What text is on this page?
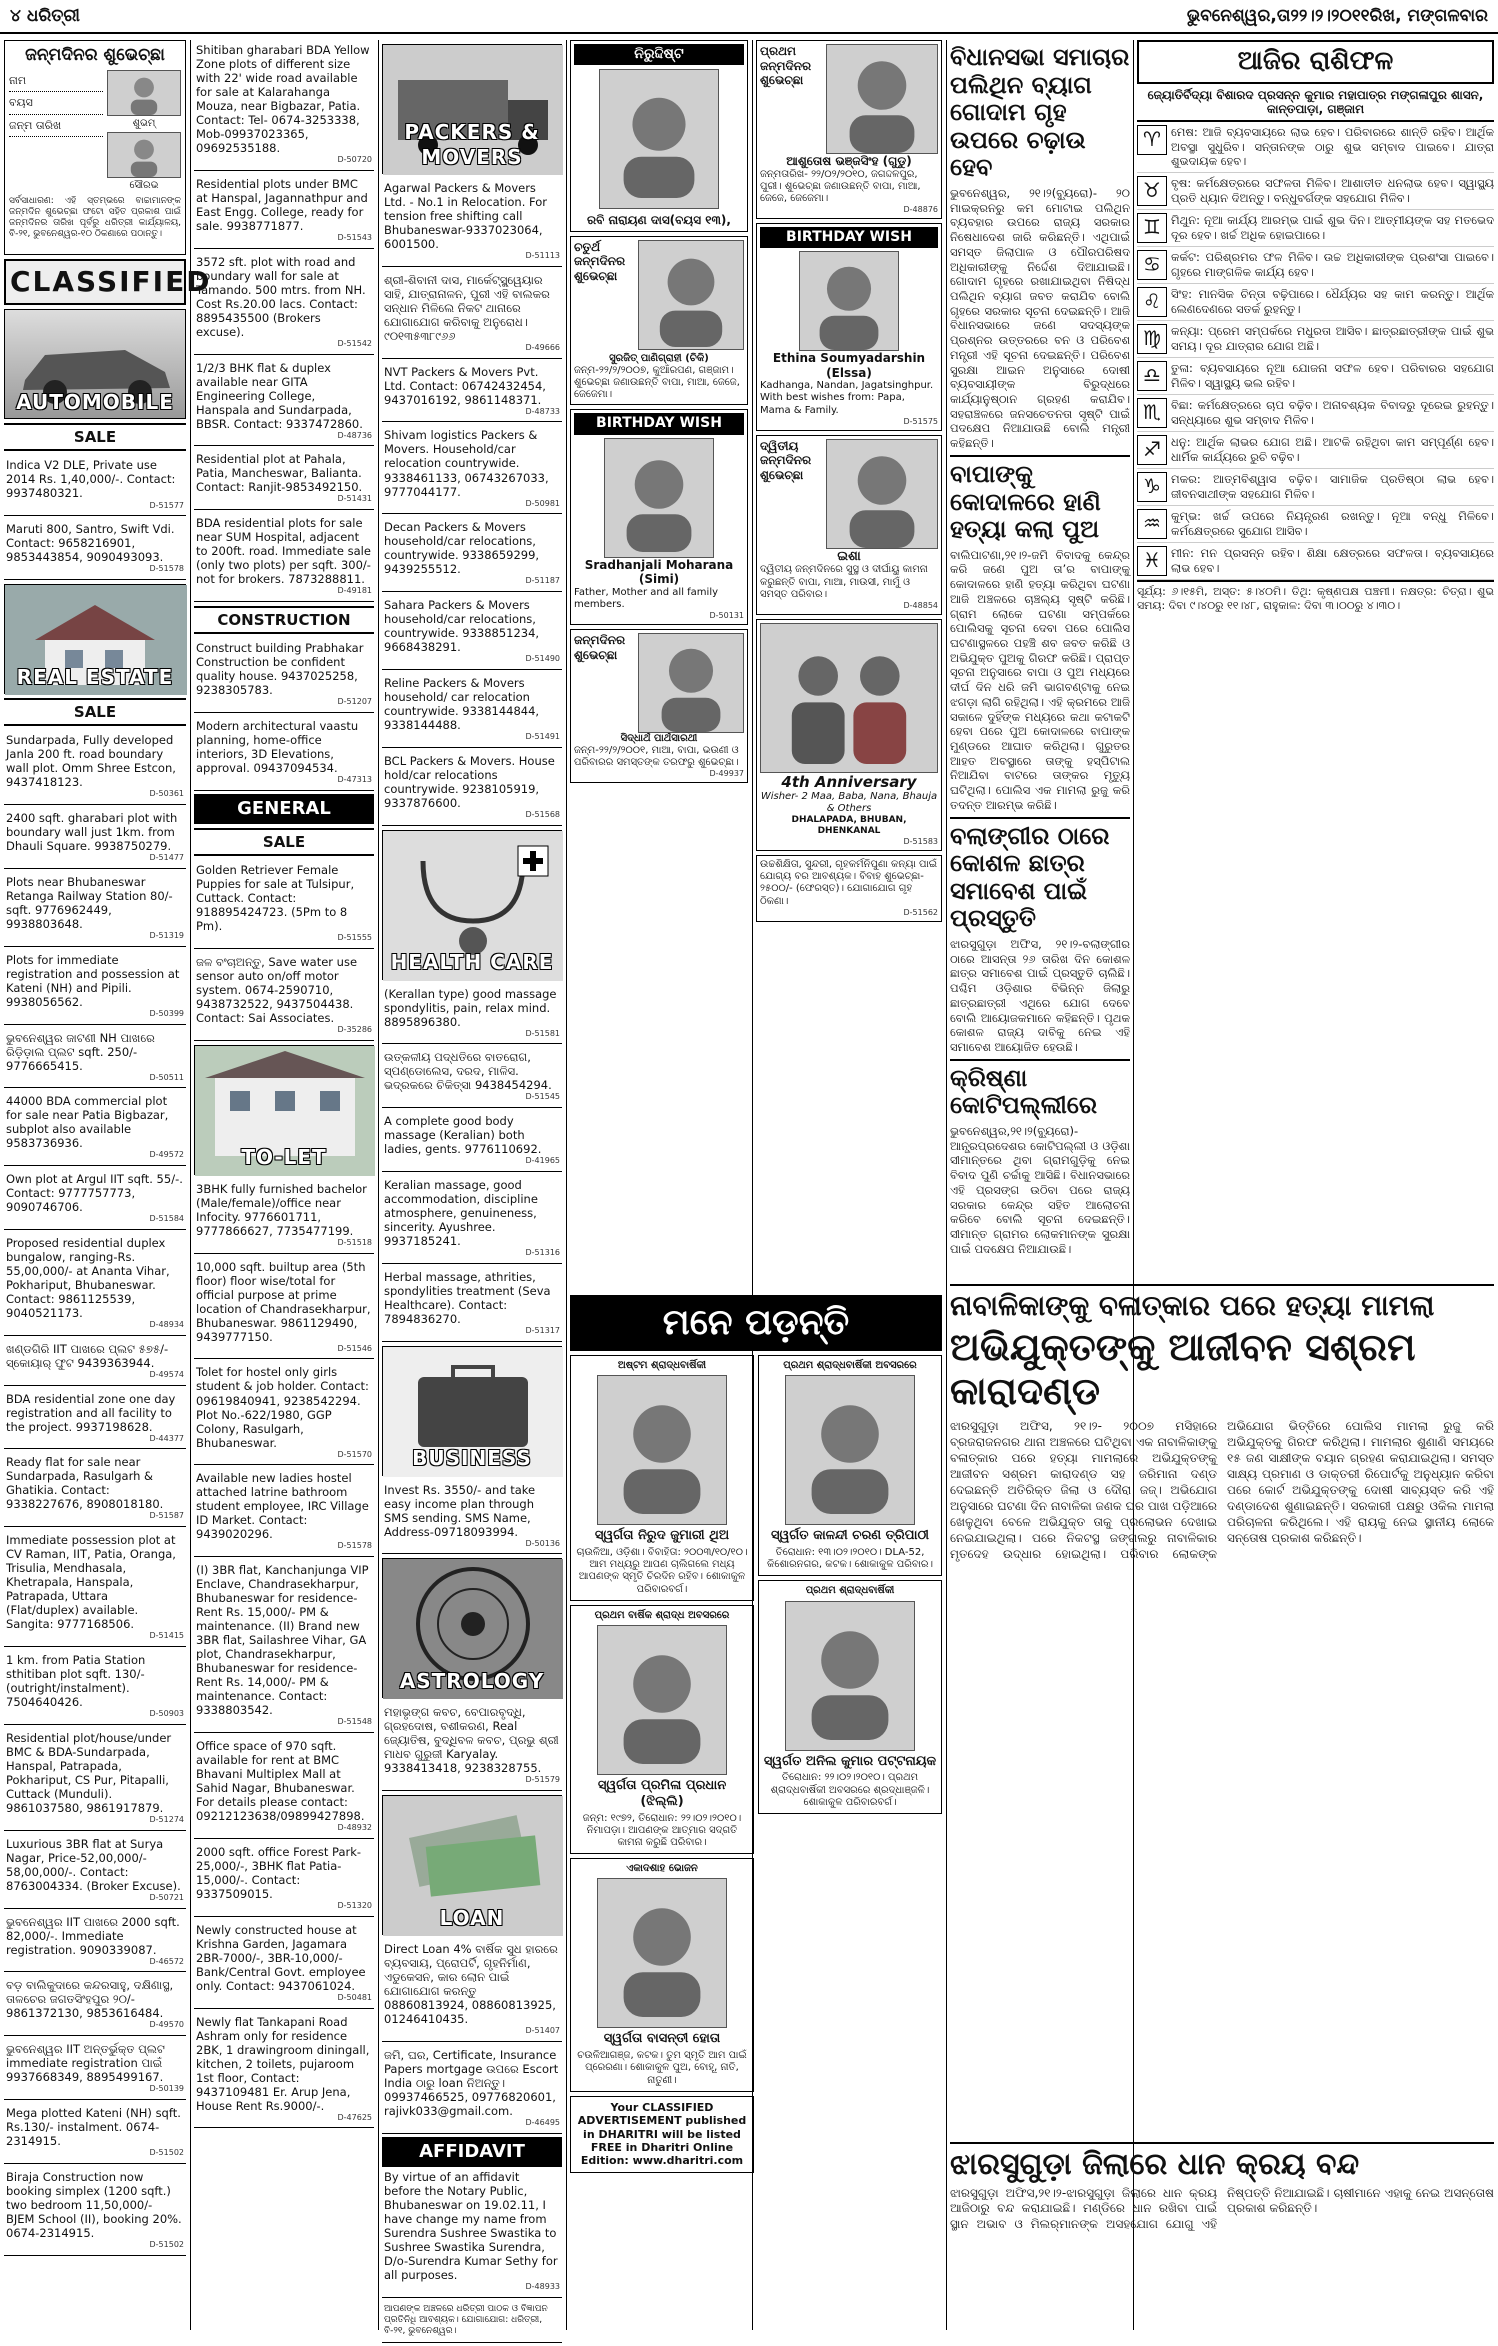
୪ ଧରିତ୍ରୀ	ଭୁବନେଶ୍ୱର,ତା୨୨।୨।୨୦୧୧ରିଖ, ମଙ୍ଗଳବାର
ଜନ୍ମଦିନର ଶୁଭେଚ୍ଛା
ନାମ
ବୟସ
ଜନ୍ମ ତାରିଖ	ଶୁଭମ୍
ସୌରଭ
ସର୍ବସାଧାରଣ: ଏହି ସ୍ତମ୍ଭରେ ବାଚ୍ଚାମାନଙ୍କ ଜନ୍ମଦିନ ଶୁଭେଚ୍ଛା ଫଟୋ ସହିତ ପ୍ରକାଶ ପାଇଁ ଜନ୍ମଦିନର ତାରିଖ ପୂର୍ବରୁ ଧରିତ୍ରୀ କାର୍ଯ୍ୟାଳୟ, ବି-୨୧, ଭୁବନେଶ୍ୱର-୧୦ ଠିକଣାରେ ପଠାନ୍ତୁ।
CLASSIFIED
AUTOMOBILE
SALE
Indica V2 DLE, Private use 2014 Rs. 1,40,000/-. Contact: 9937480321.
D-51577
Maruti 800, Santro, Swift Vdi. Contact: 9658216901, 9853443854, 9090493093.
D-51578
REAL ESTATE
SALE
Sundarpada, Fully developed Janla 200 ft. road boundary wall plot. Omm Shree Estcon, 9437418123.
D-50361
2400 sqft. gharabari plot with boundary wall just 1km. from Dhauli Square. 9938750279.
D-51477
Plots near Bhubaneswar Retanga Railway Station 80/- sqft. 9776962449, 9938803648.
D-51319
Plots for immediate registration and possession at Kateni (NH) and Pipili. 9938056562.
D-50399
ଭୁବନେଶ୍ୱର ଜାଟଣୀ NH ପାଖରେ ରିଡ଼ିଡ଼ାଲ ପ୍ଲଟ sqft. 250/- 9776665415.
D-50511
44000 BDA commercial plot for sale near Patia Bigbazar, subplot also available 9583736936.
D-49572
Own plot at Argul IIT sqft. 55/-. Contact: 9777757773, 9090746706.
D-51584
Proposed residential duplex bungalow, ranging-Rs. 55,00,000/- at Ananta Vihar, Pokhariput, Bhubaneswar. Contact: 9861125539, 9040521173.
D-48934
ଖଣ୍ଡଗିରି IIT ପାଖରେ ପ୍ଲଟ ୫୭୫/- ସ୍କୋୟାର୍ ଫୁଟ 9439363944.
D-49574
BDA residential zone one day registration and all facility to the project. 9937198628.
D-44377
Ready flat for sale near Sundarpada, Rasulgarh & Ghatikia. Contact: 9338227676, 8908018180.
D-51587
Immediate possession plot at CV Raman, IIT, Patia, Oranga, Trisulia, Mendhasala, Khetrapala, Hanspala, Patrapada, Uttara (Flat/duplex) available. Sangita: 9777168506.
D-51415
1 km. from Patia Station sthitiban plot sqft. 130/- (outright/instalment). 7504640426.
D-50903
Residential plot/house/under BMC & BDA-Sundarpada, Hanspal, Patrapada, Pokhariput, CS Pur, Pitapalli, Cuttack (Munduli). 9861037580, 9861917879.
D-51274
Luxurious 3BR flat at Surya Nagar, Price-52,00,000/- 58,00,000/-. Contact: 8763004334. (Broker Excuse).
D-50721
ଭୁବନେଶ୍ୱର IIT ପାଖରେ 2000 sqft. 82,000/-. Immediate registration. 9090339087.
D-46572
ବଡ଼ ବାଲିକୁଦାରେ କନ୍ଦରସାହୁ, ଦକ୍ଷିଣାସ୍ଥ, ତାଳଚେର ଜଗତସିଂହପୁର ୨୦/- 9861372130, 9853616484.
D-49570
ଭୁବନେଶ୍ୱର IIT ଅନ୍ତର୍ଭୁକ୍ତ ପ୍ଲଟ immediate registration ପାଇଁ 9937668349, 8895499167.
D-50139
Mega plotted Kateni (NH) sqft. Rs.130/- instalment. 0674-2314915.
D-51502
Biraja Construction now booking simplex (1200 sqft.) two bedroom 11,50,000/- BJEM School (II), booking 20%. 0674-2314915.
D-51502
Shitiban gharabari BDA Yellow Zone plots of different size with 22' wide road available for sale at Kalarahanga Mouza, near Bigbazar, Patia. Contact: Tel- 0674-3253338, Mob-09937023365, 09692535188.
D-50720
Residential plots under BMC at Hanspal, Jagannathpur and East Engg. College, ready for sale. 9938771877.
D-51543
3572 sft. plot with road and boundary wall for sale at Tamando. 500 mtrs. from NH. Cost Rs.20.00 lacs. Contact: 8895435500 (Brokers excuse).
D-51542
1/2/3 BHK flat & duplex available near GITA Engineering College, Hanspala and Sundarpada, BBSR. Contact: 9337472860.
D-48736
Residential plot at Pahala, Patia, Mancheswar, Balianta. Contact: Ranjit-9853492150.
D-51431
BDA residential plots for sale near SUM Hospital, adjacent to 200ft. road. Immediate sale (only two plots) per sqft. 300/- not for brokers. 7873288811.
D-49181
CONSTRUCTION
Construct building Prabhakar Construction be confident quality house. 9437025258, 9238305783.
D-51207
Modern architectural vaastu planning, home-office interiors, 3D Elevations, approval. 09437094534.
D-47313
GENERAL
SALE
Golden Retriever Female Puppies for sale at Tulsipur, Cuttack. Contact: 918895424723. (5Pm to 8 Pm).
D-51555
ଜଳ ବଂଚାଅନ୍ତୁ, Save water use sensor auto on/off motor system. 0674-2590710, 9438732522, 9437504438. Contact: Sai Associates.
D-35286
TO-LET
3BHK fully furnished bachelor (Male/female)/office near Infocity. 9776601711, 9777866627, 7735477199.
D-51518
10,000 sqft. builtup area (5th floor) floor wise/total for official purpose at prime location of Chandrasekharpur, Bhubaneswar. 9861129490, 9439777150.
D-51546
Tolet for hostel only girls student & job holder. Contact: 09619840941, 9238542294. Plot No.-622/1980, GGP Colony, Rasulgarh, Bhubaneswar.
D-51570
Available new ladies hostel attached latrine bathroom student employee, IRC Village ID Market. Contact: 9439020296.
D-51578
(I) 3BR flat, Kanchanjunga VIP Enclave, Chandrasekharpur, Bhubaneswar for residence-Rent Rs. 15,000/- PM & maintenance. (II) Brand new 3BR flat, Sailashree Vihar, GA plot, Chandrasekharpur, Bhubaneswar for residence-Rent Rs. 14,000/- PM & maintenance. Contact: 9338803542.
D-51548
Office space of 970 sqft. available for rent at BMC Bhavani Multiplex Mall at Sahid Nagar, Bhubaneswar. For details please contact: 09212123638/09899427898.
D-48932
2000 sqft. office Forest Park-25,000/-, 3BHK flat Patia-15,000/-. Contact: 9337509015.
D-51320
Newly constructed house at Krishna Garden, Jagamara 2BR-7000/-, 3BR-10,000/- Bank/Central Govt. employee only. Contact: 9437061024.
D-50481
Newly flat Tankapani Road Ashram only for residence 2BK, 1 drawingroom diningall, kitchen, 2 toilets, pujaroom 1st floor, Contact: 9437109481 Er. Arup Jena, House Rent Rs.9000/-.
D-47625
PACKERS & MOVERS
Agarwal Packers & Movers Ltd. - No.1 in Relocation. For tension free shifting call Bhubaneswar-9337023064, 6001500.
D-51113
ଶ୍ରୀ-ଶିବାନୀ ଦାସ, ମାର୍କେଟ୍‌ସ୍କ୍ୱେୟାର ସାହି, ଯାତ୍ରାନାଳନ, ପୁରୀ ଏହି ବାଲକର ସନ୍ଧାନ ମିଳିଲେ ନିକଟ ଥାନାରେ ଯୋଗାଯୋଗ କରିବାକୁ ଅନୁରୋଧ। ୯୦୧୩୫୩୮୯୬୬
D-49666
NVT Packers & Movers Pvt. Ltd. Contact: 06742432454, 9437016192, 9861148371.
D-48733
Shivam logistics Packers & Movers. Household/car relocation countrywide. 9338461133, 06743267033, 9777044177.
D-50981
Decan Packers & Movers household/car relocations, countrywide. 9338659299, 9439255512.
D-51187
Sahara Packers & Movers household/car relocations, countrywide. 9338851234, 9668438291.
D-51490
Reline Packers & Movers household/ car relocation countrywide. 9338144844, 9338144488.
D-51491
BCL Packers & Movers. House hold/car relocations countrywide. 9238105919, 9337876600.
D-51568
HEALTH CARE
(Kerallan type) good massage spondylitis, pain, relax mind. 8895896380.
D-51581
ଉତ୍କଳୀୟ ପଦ୍ଧତିରେ ବାତରୋଗ, ସ୍ପଣ୍ଡୋଲେସ, ଦରଦ, ମାଳିସ. ଭଦ୍ରକରେ ଚିକିତ୍ସା 9438454294.
D-51545
A complete good body massage (Keralian) both ladies, gents. 9776110692.
D-41965
Keralian massage, good accommodation, discipline atmosphere, genuineness, sincerity. Ayushree. 9937185241.
D-51316
Herbal massage, athrities, spondylities treatment (Seva Healthcare). Contact: 7894836270.
D-51317
BUSINESS
Invest Rs. 3550/- and take easy income plan through SMS sending. SMS Name, Address-09718093994.
D-50136
ASTROLOGY
ମହାଭୃଙ୍ଗ କବଚ, ବେପାରବୃଦ୍ଧି, ଗ୍ରହଦୋଷ, ବଶୀକରଣ, Real ଜ୍ୟୋତିଷ, ବୁଦ୍ଧିବଳ କବଚ, ପ୍ରଭୁ ଶ୍ରୀ ମାଧବ ଗୁରୁଜୀ Karyalay. 9338413418, 9238328755.
D-51579
LOAN
Direct Loan 4% ବାର୍ଷିକ ସୁଧ ହାରରେ ବ୍ୟବସାୟ, ପ୍ରୋପର୍ଟି, ଗୃହନିର୍ମାଣ, ଏଡୁକେସନ, କାର ଲୋନ ପାଇଁ ଯୋଗାଯୋଗ କରନ୍ତୁ 08860813924, 08860813925, 01246410435.
D-51407
ଜମି, ଘର, Certificate, Insurance Papers mortgage ଉପରେ Escort India ଠାରୁ loan ନିଅନ୍ତୁ। 09937466525, 09776820601, rajivk033@gmail.com.
D-46495
AFFIDAVIT
By virtue of an affidavit before the Notary Public, Bhubaneswar on 19.02.11, I have change my name from Surendra Sushree Swastika to Sushree Swastika Surendra, D/o-Surendra Kumar Sethy for all purposes.
D-48933
ଆପଣଙ୍କ ଅଞ୍ଚଳରେ ଧରିତ୍ରୀ ପାଠକ ଓ ବିଜ୍ଞାପନ ପ୍ରତିନିଧି ଆବଶ୍ୟକ। ଯୋଗାଯୋଗ: ଧରିତ୍ରୀ, ବି-୨୧, ଭୁବନେଶ୍ୱର।
ନିରୁଦ୍ଦିଷ୍ଟ
ରବି ନାରାୟଣ ଦାସ(ବୟସ ୧୩),
ଚତୁର୍ଥ ଜନ୍ମଦିନର ଶୁଭେଚ୍ଛା
ସୁରଜିତ୍ ପାଣିଗ୍ରାହୀ (ଚିକି)
ଜନ୍ମ-୨୨/୨/୨୦୦୭, କୁଆଁରପଣ, ଗଞ୍ଜାମ। ଶୁଭେଚ୍ଛା ଜଣାଉଛନ୍ତି ବାପା, ମାଆ, ଜେଜେ, ଜେଜେମା।
BIRTHDAY WISH
Sradhanjali Moharana (Simi)
Father, Mother and all family members.
D-50131
ଜନ୍ମଦିନର ଶୁଭେଚ୍ଛା
ସିଦ୍ଧାର୍ଥ ପାର୍ଥସାରଥୀ
ଜନ୍ମ-୨୨/୨/୨୦୦୧, ମାଆ, ବାପା, ଭଉଣୀ ଓ ପରିବାରର ସମସ୍ତଙ୍କ ତରଫରୁ ଶୁଭେଚ୍ଛା।
D-49937
ପ୍ରଥମ ଜନ୍ମଦିନର ଶୁଭେଚ୍ଛା
ଆଶୁତୋଷ ଭଞ୍ଜସିଂହ (ଗୁଡୁ)
ଜନ୍ମତାରିଖ- ୨୨/୦୨/୨୦୧୦, ଜଗଦ୍ଦଳପୁର, ପୁରୀ। ଶୁଭେଚ୍ଛା ଜଣାଉଛନ୍ତି ବାପା, ମାଆ, ଜେଜେ, ଜେଜେମା।
D-48876
BIRTHDAY WISH
Ethina Soumyadarshin (Elssa)
Kadhanga, Nandan, Jagatsinghpur. With best wishes from: Papa, Mama & Family.
D-51575
ଦ୍ୱିତୀୟ ଜନ୍ମଦିନର ଶୁଭେଚ୍ଛା
ଇଶା
ଦ୍ୱିତୀୟ ଜନ୍ମଦିନରେ ସୁସ୍ଥ ଓ ଦୀର୍ଘାୟୁ କାମନା କରୁଛନ୍ତି ବାପା, ମାଆ, ମାଉସୀ, ମାମୁଁ ଓ ସମସ୍ତ ପରିବାର।
D-48854
4th Anniversary
Wisher- 2 Maa, Baba, Nana, Bhauja & Others
DHALAPADA, BHUBAN, DHENKANAL
D-51583
ଉଚ୍ଚଶିକ୍ଷିତା, ସୁନ୍ଦରୀ, ଗୃହକର୍ମନିପୁଣା କନ୍ୟା ପାଇଁ ଯୋଗ୍ୟ ବର ଆବଶ୍ୟକ। ବିବାହ ଶୁଭେଚ୍ଛା- ୨୫୦୦/- (ଫେରସ୍ତ)। ଯୋଗାଯୋଗ ଗୃହ ଠିକଣା।
D-51562
ବିଧାନସଭା ସମାଚାର ପଲିଥିନ ବ୍ୟାଗ ଗୋଦାମ ଗୃହ ଉପରେ ଚଢ଼ାଉ ହେବ
ଭୁବନେଶ୍ୱର, ୨୧।୨(ବ୍ୟୁରୋ)- ୨୦ ମାଇକ୍ରନରୁ କମ ମୋଟାଇ ପଲିଥିନ ବ୍ୟବହାର ଉପରେ ରାଜ୍ୟ ସରକାର ନିଷେଧାଦେଶ ଜାରି କରିଛନ୍ତି। ଏଥିପାଇଁ ସମସ୍ତ ଜିଲାପାଳ ଓ ପୌରପରିଷଦ ଅଧିକାରୀଙ୍କୁ ନିର୍ଦ୍ଦେଶ ଦିଆଯାଇଛି। ଗୋଦାମ ଗୃହରେ ରଖାଯାଇଥିବା ନିଷିଦ୍ଧ ପଲିଥିନ ବ୍ୟାଗ ଜବତ କରାଯିବ ବୋଲି ଗୃହରେ ସରକାର ସୂଚନା ଦେଇଛନ୍ତି। ଆଜି ବିଧାନସଭାରେ ଜଣେ ସଦସ୍ୟଙ୍କ ପ୍ରଶ୍ନର ଉତ୍ତରରେ ବନ ଓ ପରିବେଶ ମନ୍ତ୍ରୀ ଏହି ସୂଚନା ଦେଇଛନ୍ତି। ପରିବେଶ ସୁରକ୍ଷା ଆଇନ ଅନୁସାରେ ଦୋଷୀ ବ୍ୟବସାୟୀଙ୍କ ବିରୁଦ୍ଧରେ କାର୍ଯ୍ୟାନୁଷ୍ଠାନ ଗ୍ରହଣ କରାଯିବ। ସହରାଞ୍ଚଳରେ ଜନସଚେତନତା ସୃଷ୍ଟି ପାଇଁ ପଦକ୍ଷେପ ନିଆଯାଉଛି ବୋଲି ମନ୍ତ୍ରୀ କହିଛନ୍ତି।
ବାପାଙ୍କୁ କୋଦାଳରେ ହାଣି ହତ୍ୟା କଲା ପୁଅ
ବାଲିପାଟଣା,୨୧।୨-ଜମି ବିବାଦକୁ କେନ୍ଦ୍ର କରି ଜଣେ ପୁଅ ତା’ର ବାପାଙ୍କୁ କୋଦାଳରେ ହାଣି ହତ୍ୟା କରିଥିବା ଘଟଣା ଆଜି ଅଞ୍ଚଳରେ ଚାଞ୍ଚଲ୍ୟ ସୃଷ୍ଟି କରିଛି। ଗ୍ରାମ ଲୋକେ ଘଟଣା ସମ୍ପର୍କରେ ପୋଲିସକୁ ସୂଚନା ଦେବା ପରେ ପୋଲିସ ଘଟଣାସ୍ଥଳରେ ପହଞ୍ଚି ଶବ ଜବତ କରିଛି ଓ ଅଭିଯୁକ୍ତ ପୁଅକୁ ଗିରଫ କରିଛି। ପ୍ରାପ୍ତ ସୂଚନା ଅନୁସାରେ ବାପା ଓ ପୁଅ ମଧ୍ୟରେ ଦୀର୍ଘ ଦିନ ଧରି ଜମି ଭାଗବଣ୍ଟାକୁ ନେଇ ଝଗଡ଼ା ଲାଗି ରହିଥିଲା। ଏହି କ୍ରମରେ ଆଜି ସକାଳେ ଦୁହିଁଙ୍କ ମଧ୍ୟରେ କଥା କଟାକଟି ହେବା ପରେ ପୁଅ କୋଦାଳରେ ବାପାଙ୍କ ମୁଣ୍ଡରେ ଆଘାତ କରିଥିଲା। ଗୁରୁତର ଆହତ ଅବସ୍ଥାରେ ତାଙ୍କୁ ହସ୍ପିଟାଲ ନିଆଯିବା ବାଟରେ ତାଙ୍କର ମୃତ୍ୟୁ ଘଟିଥିଲା। ପୋଲିସ ଏକ ମାମଲା ରୁଜୁ କରି ତଦନ୍ତ ଆରମ୍ଭ କରିଛି।
ବଲାଙ୍ଗୀର ଠାରେ କୋଶଳ ଛାତ୍ର ସମାବେଶ ପାଇଁ ପ୍ରସ୍ତୁତି
ଝାରସୁଗୁଡ଼ା ଅଫିସ, ୨୧।୨-ବଲାଙ୍ଗୀର ଠାରେ ଆସନ୍ତା ୨୬ ତାରିଖ ଦିନ କୋଶଳ ଛାତ୍ର ସମାବେଶ ପାଇଁ ପ୍ରସ୍ତୁତି ଚାଲିଛି। ପଶ୍ଚିମ ଓଡ଼ିଶାର ବିଭିନ୍ନ ଜିଲାରୁ ଛାତ୍ରଛାତ୍ରୀ ଏଥିରେ ଯୋଗ ଦେବେ ବୋଲି ଆୟୋଜକମାନେ କହିଛନ୍ତି। ପୃଥକ କୋଶଳ ରାଜ୍ୟ ଦାବିକୁ ନେଇ ଏହି ସମାବେଶ ଆୟୋଜିତ ହେଉଛି।
କ୍ରିଷ୍ଣା କୋଟିପଲ୍ଲୀରେ
ଭୁବନେଶ୍ୱର,୨୧।୨(ବ୍ୟୁରୋ)- ଆନ୍ଧ୍ରପ୍ରଦେଶର କୋଟିପଲ୍ଲୀ ଓ ଓଡ଼ିଶା ସୀମାନ୍ତରେ ଥିବା ଗ୍ରାମଗୁଡ଼ିକୁ ନେଇ ବିବାଦ ପୁଣି ଚର୍ଚ୍ଚାକୁ ଆସିଛି। ବିଧାନସଭାରେ ଏହି ପ୍ରସଙ୍ଗ ଉଠିବା ପରେ ରାଜ୍ୟ ସରକାର କେନ୍ଦ୍ର ସହିତ ଆଲୋଚନା କରିବେ ବୋଲି ସୂଚନା ଦେଇଛନ୍ତି। ସୀମାନ୍ତ ଗ୍ରାମର ଲୋକମାନଙ୍କ ସୁରକ୍ଷା ପାଇଁ ପଦକ୍ଷେପ ନିଆଯାଉଛି।
ଆଜିର ରାଶିଫଳ
ଜ୍ୟୋତିର୍ବିଦ୍ୟା ବିଶାରଦ ପ୍ରସନ୍ନ କୁମାର ମହାପାତ୍ର ମଙ୍ଗଳାପୁର ଶାସନ, କାନ୍ତପାଡ଼ା, ଗଞ୍ଜାମ
♈ ମେଷ: ଆଜି ବ୍ୟବସାୟରେ ଲାଭ ହେବ। ପରିବାରରେ ଶାନ୍ତି ରହିବ। ଆର୍ଥିକ ଅବସ୍ଥା ସୁଧୁରିବ। ସନ୍ତାନଙ୍କ ଠାରୁ ଶୁଭ ସମ୍ବାଦ ପାଇବେ। ଯାତ୍ରା ଶୁଭଦାୟକ ହେବ।
♉ ବୃଷ: କର୍ମକ୍ଷେତ୍ରରେ ସଫଳତା ମିଳିବ। ଆଶାତୀତ ଧନଲାଭ ହେବ। ସ୍ୱାସ୍ଥ୍ୟ ପ୍ରତି ଧ୍ୟାନ ଦିଅନ୍ତୁ। ବନ୍ଧୁବର୍ଗଙ୍କ ସହଯୋଗ ମିଳିବ।
♊ ମିଥୁନ: ନୂଆ କାର୍ଯ୍ୟ ଆରମ୍ଭ ପାଇଁ ଶୁଭ ଦିନ। ଆତ୍ମୀୟଙ୍କ ସହ ମତଭେଦ ଦୂର ହେବ। ଖର୍ଚ୍ଚ ଅଧିକ ହୋଇପାରେ।
♋ କର୍କଟ: ପରିଶ୍ରମର ଫଳ ମିଳିବ। ଉଚ୍ଚ ଅଧିକାରୀଙ୍କ ପ୍ରଶଂସା ପାଇବେ। ଗୃହରେ ମାଙ୍ଗଳିକ କାର୍ଯ୍ୟ ହେବ।
♌ ସିଂହ: ମାନସିକ ଚିନ୍ତା ବଢ଼ିପାରେ। ଧୈର୍ଯ୍ୟର ସହ କାମ କରନ୍ତୁ। ଆର୍ଥିକ ଲେଣଦେଣରେ ସତର୍କ ରୁହନ୍ତୁ।
♍ କନ୍ୟା: ପ୍ରେମ ସମ୍ପର୍କରେ ମଧୁରତା ଆସିବ। ଛାତ୍ରଛାତ୍ରୀଙ୍କ ପାଇଁ ଶୁଭ ସମୟ। ଦୂର ଯାତ୍ରାର ଯୋଗ ଅଛି।
♎ ତୁଳା: ବ୍ୟବସାୟରେ ନୂଆ ଯୋଜନା ସଫଳ ହେବ। ପରିବାରର ସହଯୋଗ ମିଳିବ। ସ୍ୱାସ୍ଥ୍ୟ ଭଲ ରହିବ।
♏ ବିଛା: କର୍ମକ୍ଷେତ୍ରରେ ଚାପ ବଢ଼ିବ। ଅନାବଶ୍ୟକ ବିବାଦରୁ ଦୂରେଇ ରୁହନ୍ତୁ। ସନ୍ଧ୍ୟାରେ ଶୁଭ ସମ୍ବାଦ ମିଳିବ।
♐ ଧନୁ: ଆର୍ଥିକ ଲାଭର ଯୋଗ ଅଛି। ଆଟକି ରହିଥିବା କାମ ସମ୍ପୂର୍ଣ୍ଣ ହେବ। ଧାର୍ମିକ କାର୍ଯ୍ୟରେ ରୁଚି ବଢ଼ିବ।
♑ ମକର: ଆତ୍ମବିଶ୍ୱାସ ବଢ଼ିବ। ସାମାଜିକ ପ୍ରତିଷ୍ଠା ଲାଭ ହେବ। ଜୀବନସାଥୀଙ୍କ ସହଯୋଗ ମିଳିବ।
♒ କୁମ୍ଭ: ଖର୍ଚ୍ଚ ଉପରେ ନିୟନ୍ତ୍ରଣ ରଖନ୍ତୁ। ନୂଆ ବନ୍ଧୁ ମିଳିବେ। କର୍ମକ୍ଷେତ୍ରରେ ସୁଯୋଗ ଆସିବ।
♓ ମୀନ: ମନ ପ୍ରସନ୍ନ ରହିବ। ଶିକ୍ଷା କ୍ଷେତ୍ରରେ ସଫଳତା। ବ୍ୟବସାୟରେ ଲାଭ ହେବ।
ସୂର୍ଯ୍ୟ: ୬।୧୫ମି, ଅସ୍ତ: ୫।୪୦ମି। ତିଥି: କୃଷ୍ଣପକ୍ଷ ପଞ୍ଚମୀ। ନକ୍ଷତ୍ର: ଚିତ୍ରା। ଶୁଭ ସମୟ: ଦିବା ୯।୪୦ରୁ ୧୧।୪୮, ରାହୁକାଳ: ଦିବା ୩।୦୦ରୁ ୪।୩୦।
ମନେ ପଡ଼ନ୍ତି
ଅଷ୍ଟମ ଶ୍ରାଦ୍ଧବାର୍ଷିକୀ
ସ୍ୱର୍ଗତା ନିରୁଦ ଜୁମାରୀ ଥିଅ
ଚାଉଳିଆ, ଓଡ଼ିଶା। ବିବାହିତା: ୨୦୦୩/୧୦/୧୦। ଆମ ମଧ୍ୟରୁ ଆପଣ ଚାଲିଗଲେ ମଧ୍ୟ ଆପଣଙ୍କ ସ୍ମୃତି ଚିରଦିନ ରହିବ। ଶୋକାକୁଳ ପରିବାରବର୍ଗ।
ପ୍ରଥମ ବାର୍ଷିକ ଶ୍ରାଦ୍ଧ ଅବସରରେ
ସ୍ୱର୍ଗତା ପ୍ରମିଳା ପ୍ରଧାନ (ଝିଲ୍ଲି)
ଜନ୍ମ: ୧୯୭୨, ତିରୋଧାନ: ୨୨।୦୨।୨୦୧୦। ନିମାପଡ଼ା। ଆପଣଙ୍କ ଆତ୍ମାର ସଦ୍‌ଗତି କାମନା କରୁଛି ପରିବାର।
ଏକାଦଶାହ ଭୋଜନ
ସ୍ୱର୍ଗତା ବାସନ୍ତୀ ହୋତା
ଚଉଳିଆଗଞ୍ଜ, କଟକ। ତୁମ ସ୍ମୃତି ଆମ ପାଇଁ ପ୍ରେରଣା। ଶୋକାକୁଳ ପୁଅ, ବୋହୂ, ନାତି, ନାତୁଣୀ।
Your CLASSIFIED ADVERTISEMENT published in DHARITRI will be listed FREE in Dharitri Online Edition: www.dharitri.com
ପ୍ରଥମ ଶ୍ରାଦ୍ଧବାର୍ଷିକୀ ଅବସରରେ
ସ୍ୱର୍ଗତ କାଳନ୍ଦୀ ଚରଣ ତ୍ରିପାଠୀ
ତିରୋଧାନ: ୧୩।୦୨।୨୦୧୦। DLA-52, କିଶୋରନଗର, କଟକ। ଶୋକାକୁଳ ପରିବାର।
ପ୍ରଥମ ଶ୍ରାଦ୍ଧବାର୍ଷିକୀ
ସ୍ୱର୍ଗତ ଅନିଲ କୁମାର ପଟ୍ଟନାୟକ
ତିରୋଧାନ: ୨୨।୦୨।୨୦୧୦। ପ୍ରଥମ ଶ୍ରାଦ୍ଧବାର୍ଷିକୀ ଅବସରରେ ଶ୍ରଦ୍ଧାଞ୍ଜଳି। ଶୋକାକୁଳ ପରିବାରବର୍ଗ।
ନାବାଳିକାଙ୍କୁ ବଳାତ୍କାର ପରେ ହତ୍ୟା ମାମଲା
ଅଭିଯୁକ୍ତଙ୍କୁ ଆଜୀବନ ସଶ୍ରମ କାରାଦଣ୍ଡ
ଝାରସୁଗୁଡ଼ା ଅଫିସ, ୨୧।୨- ୨୦୦୭ ମସିହାରେ ବ୍ରଜରାଜନଗର ଥାନା ଅଞ୍ଚଳରେ ଘଟିଥିବା ଏକ ନାବାଳିକାଙ୍କୁ ବଳାତ୍କାର ପରେ ହତ୍ୟା ମାମଲାରେ ଅଭିଯୁକ୍ତଙ୍କୁ ଆଜୀବନ ସଶ୍ରମ କାରାଦଣ୍ଡ ସହ ଜରିମାନା ଦଣ୍ଡ ଦେଇଛନ୍ତି ଅତିରିକ୍ତ ଜିଲା ଓ ଦୌରା ଜଜ୍। ଅଭିଯୋଗ ଅନୁସାରେ ଘଟଣା ଦିନ ନାବାଳିକା ଜଣକ ଘର ପାଖ ପଡ଼ିଆରେ ଖେଳୁଥିବା ବେଳେ ଅଭିଯୁକ୍ତ ତାକୁ ପ୍ରଲୋଭନ ଦେଖାଇ ନେଇଯାଇଥିଲା। ପରେ ନିକଟସ୍ଥ ଜଙ୍ଗଲରୁ ନାବାଳିକାର ମୃତଦେହ ଉଦ୍ଧାର ହୋଇଥିଲା। ପରିବାର ଲୋକଙ୍କ ଅଭିଯୋଗ ଭିତ୍ତିରେ ପୋଲିସ ମାମଲା ରୁଜୁ କରି ଅଭିଯୁକ୍ତକୁ ଗିରଫ କରିଥିଲା। ମାମଲାର ଶୁଣାଣି ସମୟରେ ୧୫ ଜଣ ସାକ୍ଷୀଙ୍କ ବୟାନ ଗ୍ରହଣ କରାଯାଇଥିଲା। ସମସ୍ତ ସାକ୍ଷ୍ୟ ପ୍ରମାଣ ଓ ଡାକ୍ତରୀ ରିପୋର୍ଟକୁ ଅନୁଧ୍ୟାନ କରିବା ପରେ କୋର୍ଟ ଅଭିଯୁକ୍ତଙ୍କୁ ଦୋଷୀ ସାବ୍ୟସ୍ତ କରି ଏହି ଦଣ୍ଡାଦେଶ ଶୁଣାଇଛନ୍ତି। ସରକାରୀ ପକ୍ଷରୁ ଓକିଲ ମାମଲା ପରିଚାଳନା କରିଥିଲେ। ଏହି ରାୟକୁ ନେଇ ସ୍ଥାନୀୟ ଲୋକେ ସନ୍ତୋଷ ପ୍ରକାଶ କରିଛନ୍ତି।
ଝାରସୁଗୁଡ଼ା ଜିଲାରେ ଧାନ କ୍ରୟ ବନ୍ଦ
ଝାରସୁଗୁଡ଼ା ଅଫିସ,୨୧।୨-ଝାରସୁଗୁଡ଼ା ଜିଲାରେ ଧାନ କ୍ରୟ ଆଜିଠାରୁ ବନ୍ଦ କରାଯାଇଛି। ମଣ୍ଡିରେ ଧାନ ରଖିବା ପାଇଁ ସ୍ଥାନ ଅଭାବ ଓ ମିଲର୍‌ମାନଙ୍କ ଅସହଯୋଗ ଯୋଗୁ ଏହି ନିଷ୍ପତ୍ତି ନିଆଯାଇଛି। ଚାଷୀମାନେ ଏହାକୁ ନେଇ ଅସନ୍ତୋଷ ପ୍ରକାଶ କରିଛନ୍ତି।
